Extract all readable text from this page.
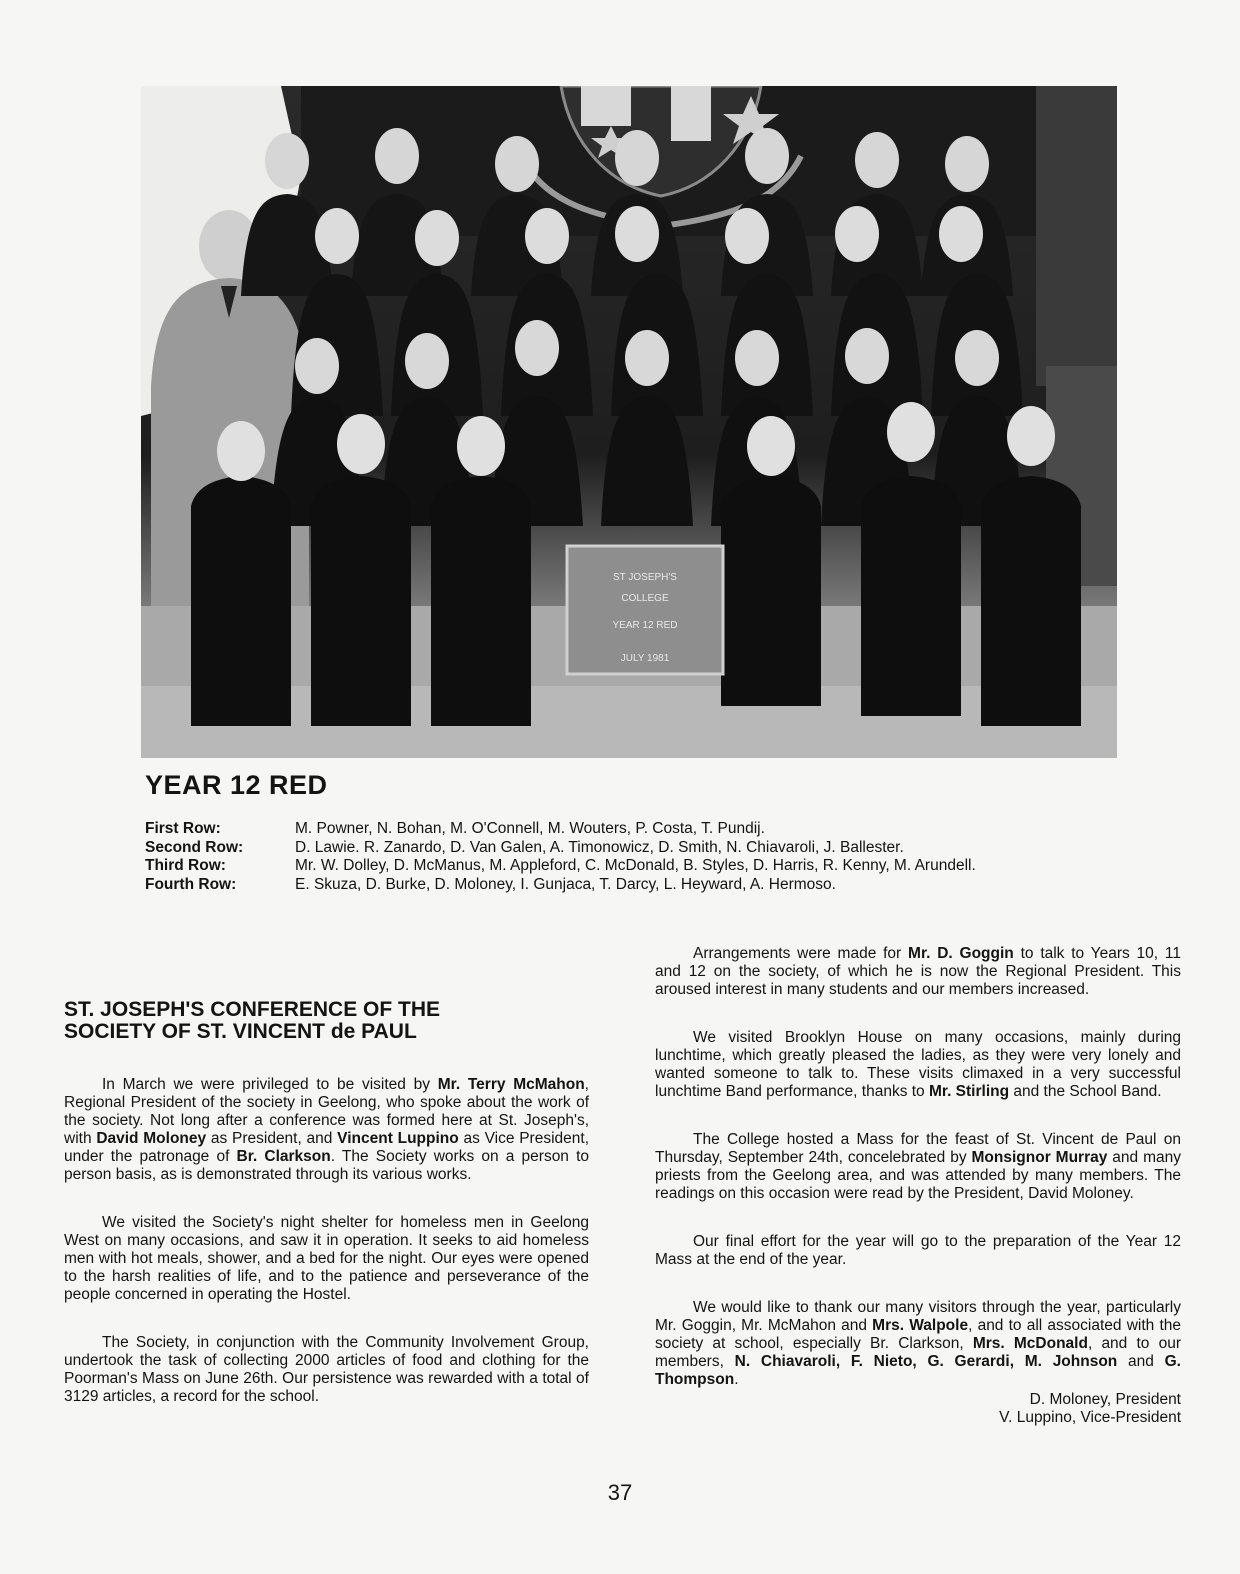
ST JOSEPH'S
COLLEGE
YEAR 12 RED
JULY 1981
YEAR 12 RED
First Row:	M. Powner, N. Bohan, M. O'Connell, M. Wouters, P. Costa, T. Pundij.
Second Row:	D. Lawie. R. Zanardo, D. Van Galen, A. Timonowicz, D. Smith, N. Chiavaroli, J. Ballester.
Third Row:	Mr. W. Dolley, D. McManus, M. Appleford, C. McDonald, B. Styles, D. Harris, R. Kenny, M. Arundell.
Fourth Row:	E. Skuza, D. Burke, D. Moloney, I. Gunjaca, T. Darcy, L. Heyward, A. Hermoso.
ST. JOSEPH'S CONFERENCE OF THE
SOCIETY OF ST. VINCENT de PAUL

In March we were privileged to be visited by Mr. Terry McMahon, Regional President of the society in Geelong, who spoke about the work of the society. Not long after a conference was formed here at St. Joseph's, with David Moloney as President, and Vincent Luppino as Vice President, under the patronage of Br. Clarkson. The Society works on a person to person basis, as is demonstrated through its various works.

We visited the Society's night shelter for homeless men in Geelong West on many occasions, and saw it in operation. It seeks to aid homeless men with hot meals, shower, and a bed for the night. Our eyes were opened to the harsh realities of life, and to the patience and perseverance of the people concerned in operating the Hostel.

The Society, in conjunction with the Community Involvement Group, undertook the task of collecting 2000 articles of food and clothing for the Poorman's Mass on June 26th. Our persistence was rewarded with a total of 3129 articles, a record for the school.

Arrangements were made for Mr. D. Goggin to talk to Years 10, 11 and 12 on the society, of which he is now the Regional President. This aroused interest in many students and our members increased.

We visited Brooklyn House on many occasions, mainly during lunchtime, which greatly pleased the ladies, as they were very lonely and wanted someone to talk to. These visits climaxed in a very successful lunchtime Band performance, thanks to Mr. Stirling and the School Band.

The College hosted a Mass for the feast of St. Vincent de Paul on Thursday, September 24th, concelebrated by Monsignor Murray and many priests from the Geelong area, and was attended by many members. The readings on this occasion were read by the President, David Moloney.

Our final effort for the year will go to the preparation of the Year 12 Mass at the end of the year.

We would like to thank our many visitors through the year, particularly Mr. Goggin, Mr. McMahon and Mrs. Walpole, and to all associated with the society at school, especially Br. Clarkson, Mrs. McDonald, and to our members, N. Chiavaroli, F. Nieto, G. Gerardi, M. Johnson and G. Thompson.

D. Moloney, President

V. Luppino, Vice-President

37
